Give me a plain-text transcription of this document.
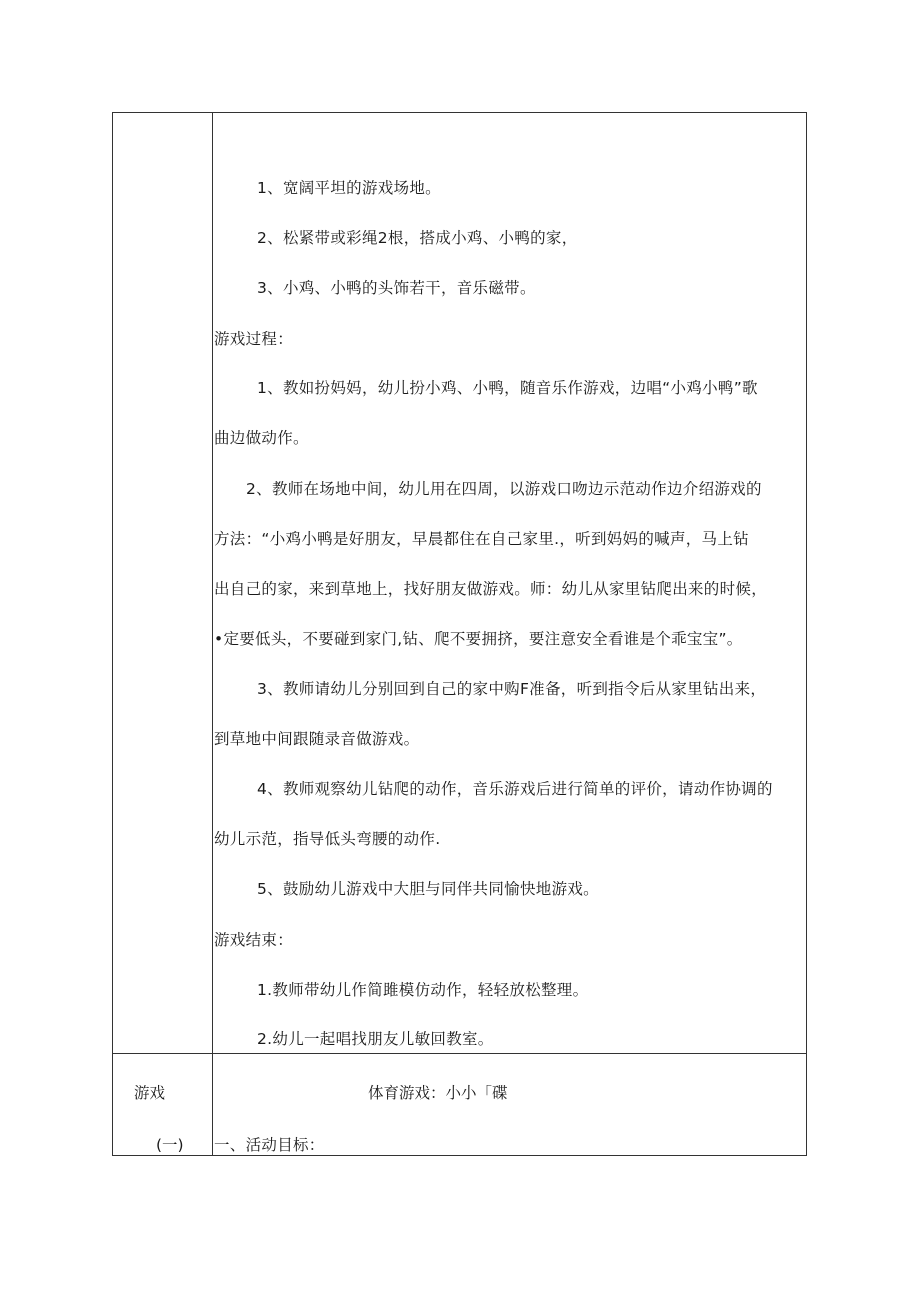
1、宽阔平坦的游戏场地。
2、松紧带或彩绳2根，搭成小鸡、小鸭的家，
3、小鸡、小鸭的头饰若干，音乐磁带。
游戏过程：
1、教如扮妈妈，幼儿扮小鸡、小鸭，随音乐作游戏，边唱“小鸡小鸭”歌
曲边做动作。
2、教师在场地中间，幼儿用在四周，以游戏口吻边示范动作边介绍游戏的
方法：“小鸡小鸭是好朋友，早晨都住在自己家里.，听到妈妈的喊声，马上钻
出自己的家，来到草地上，找好朋友做游戏。师：幼儿从家里钻爬出来的时候，
•定要低头，不要碰到家门,钻、爬不要拥挤，要注意安全看谁是个乖宝宝”。
3、教师请幼儿分别回到自己的家中购F准备，听到指令后从家里钻出来，
到草地中间跟随录音做游戏。
4、教师观察幼儿钻爬的动作，音乐游戏后进行简单的评价，请动作协调的
幼儿示范，指导低头弯腰的动作.
5、鼓励幼儿游戏中大胆与同伴共同愉快地游戏。
游戏结束：
1.教师带幼儿作简雎模仿动作，轻轻放松整理。
2.幼儿一起唱找朋友儿敏回教室。
游戏
(一)
体育游戏：小小「碟
一、活动目标：
